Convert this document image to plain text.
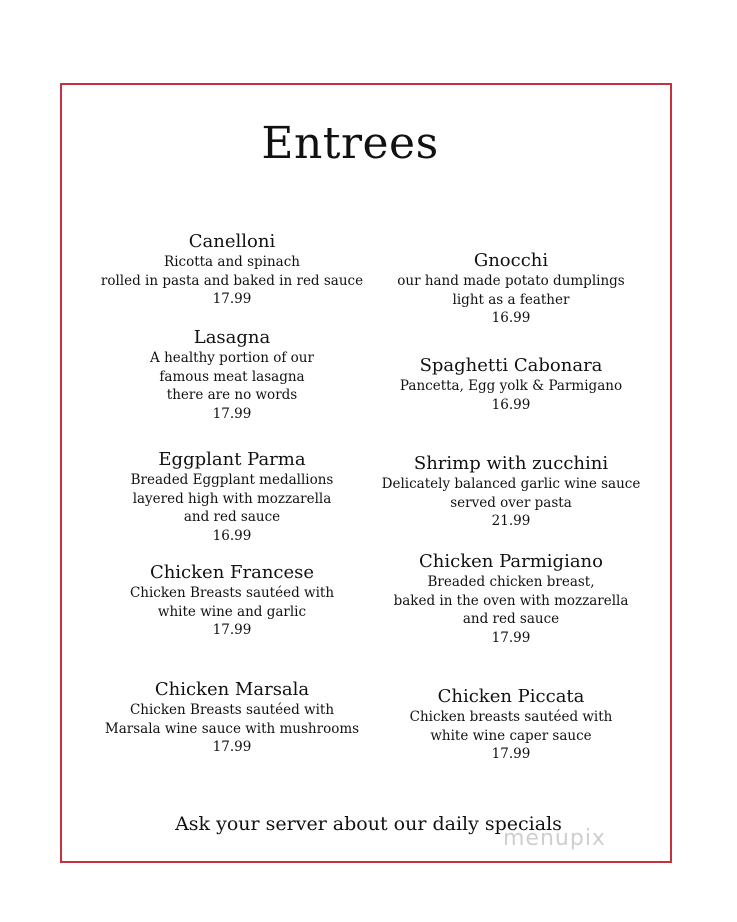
Entrees
Canelloni
Ricotta and spinach
rolled in pasta and baked in red sauce
17.99
Lasagna
A healthy portion of our
famous meat lasagna
there are no words
17.99
Eggplant Parma
Breaded Eggplant medallions
layered high with mozzarella
and red sauce
16.99
Chicken Francese
Chicken Breasts sautéed with
white wine and garlic
17.99
Chicken Marsala
Chicken Breasts sautéed with
Marsala wine sauce with mushrooms
17.99
Gnocchi
our hand made potato dumplings
light as a feather
16.99
Spaghetti Cabonara
Pancetta, Egg yolk & Parmigano
16.99
Shrimp with zucchini
Delicately balanced garlic wine sauce
served over pasta
21.99
Chicken Parmigiano
Breaded chicken breast,
baked in the oven with mozzarella
and red sauce
17.99
Chicken Piccata
Chicken breasts sautéed with
white wine caper sauce
17.99
Ask your server about our daily specials
menupix
